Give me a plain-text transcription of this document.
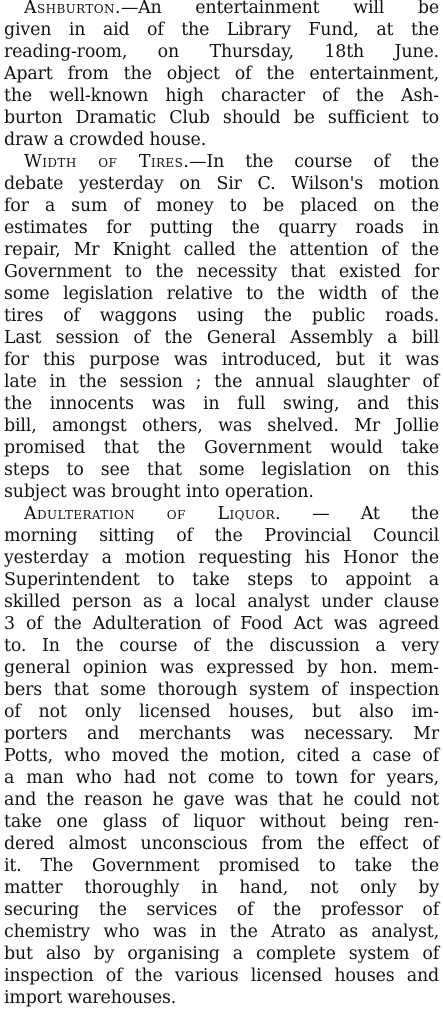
Ashburton.—An entertainment will be
given in aid of the Library Fund, at the
reading-room, on Thursday, 18th June.
Apart from the object of the entertainment,
the well-known high character of the Ash-
burton Dramatic Club should be sufficient to
draw a crowded house.
Width of Tires.—In the course of the
debate yesterday on Sir C. Wilson's motion
for a sum of money to be placed on the
estimates for putting the quarry roads in
repair, Mr Knight called the attention of the
Government to the necessity that existed for
some legislation relative to the width of the
tires of waggons using the public roads.
Last session of the General Assembly a bill
for this purpose was introduced, but it was
late in the session ; the annual slaughter of
the innocents was in full swing, and this
bill, amongst others, was shelved. Mr Jollie
promised that the Government would take
steps to see that some legislation on this
subject was brought into operation.
Adulteration of Liquor. — At the
morning sitting of the Provincial Council
yesterday a motion requesting his Honor the
Superintendent to take steps to appoint a
skilled person as a local analyst under clause
3 of the Adulteration of Food Act was agreed
to. In the course of the discussion a very
general opinion was expressed by hon. mem-
bers that some thorough system of inspection
of not only licensed houses, but also im-
porters and merchants was necessary. Mr
Potts, who moved the motion, cited a case of
a man who had not come to town for years,
and the reason he gave was that he could not
take one glass of liquor without being ren-
dered almost unconscious from the effect of
it. The Government promised to take the
matter thoroughly in hand, not only by
securing the services of the professor of
chemistry who was in the Atrato as analyst,
but also by organising a complete system of
inspection of the various licensed houses and
import warehouses.
